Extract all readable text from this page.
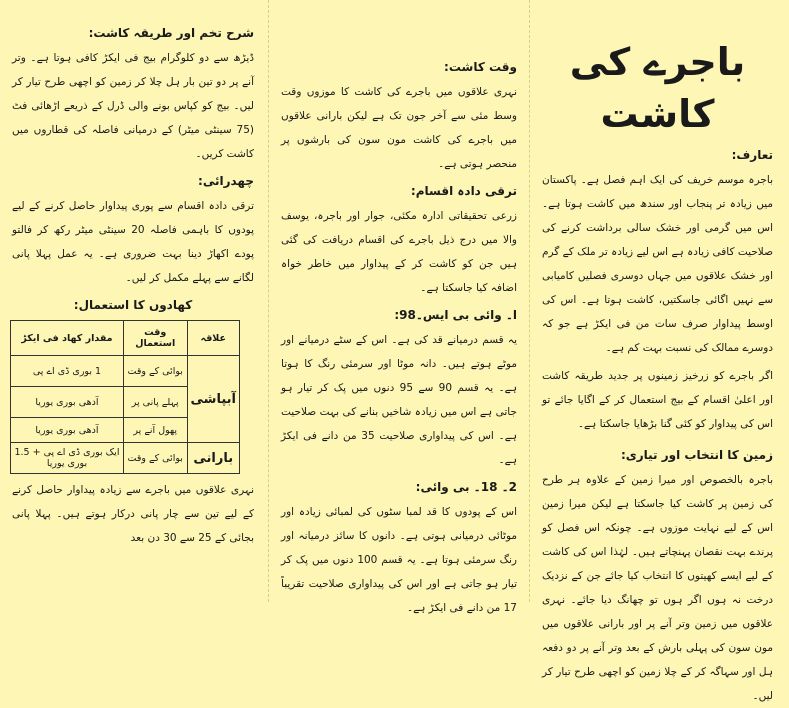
باجرے کی کاشت
تعارف:

باجرہ موسم خریف کی ایک اہم فصل ہے۔ پاکستان میں زیادہ تر پنجاب اور سندھ میں کاشت ہوتا ہے۔ اس میں گرمی اور خشک سالی برداشت کرنے کی صلاحیت کافی زیادہ ہے اس لیے زیادہ تر ملک کے گرم اور خشک علاقوں میں جہاں دوسری فصلیں کامیابی سے نہیں اگائی جاسکتیں، کاشت ہوتا ہے۔ اس کی اوسط پیداوار صرف سات من فی ایکڑ ہے جو کہ دوسرے ممالک کی نسبت بہت کم ہے۔

اگر باجرے کو زرخیز زمینوں پر جدید طریقہ کاشت اور اعلیٰ اقسام کے بیج استعمال کر کے اگایا جائے تو اس کی پیداوار کو کئی گنا بڑھایا جاسکتا ہے۔

زمین کا انتخاب اور تیاری:

باجرہ بالخصوص اور میرا زمین کے علاوہ ہر طرح کی زمین پر کاشت کیا جاسکتا ہے لیکن میرا زمین اس کے لیے نہایت موزوں ہے۔ چونکہ اس فصل کو پرندے بہت نقصان پہنچاتے ہیں۔ لہٰذا اس کی کاشت کے لیے ایسے کھیتوں کا انتخاب کیا جائے جن کے نزدیک درخت نہ ہوں اگر ہوں تو چھانگ دیا جائے۔ نہری علاقوں میں زمین وتر آنے پر اور بارانی علاقوں میں مون سون کی پہلی بارش کے بعد وتر آنے پر دو دفعہ ہل اور سہاگہ کر کے چلا زمین کو اچھی طرح تیار کر لیں۔

وقت کاشت:

نہری علاقوں میں باجرے کی کاشت کا موزوں وقت وسط مئی سے آخر جون تک ہے لیکن بارانی علاقوں میں باجرے کی کاشت مون سون کی بارشوں پر منحصر ہوتی ہے۔

ترقی دادہ اقسام:

زرعی تحقیقاتی ادارہ مکئی، جوار اور باجرہ، یوسف والا میں درج ذیل باجرے کی اقسام دریافت کی گئی ہیں جن کو کاشت کر کے پیداوار میں خاطر خواہ اضافہ کیا جاسکتا ہے۔

ا۔ وائی بی ایس۔98:

یہ قسم درمیانے قد کی ہے۔ اس کے سٹے درمیانے اور موٹے ہوتے ہیں۔ دانہ موٹا اور سرمئی رنگ کا ہوتا ہے۔ یہ قسم 90 سے 95 دنوں میں پک کر تیار ہو جاتی ہے اس میں زیادہ شاخیں بنانے کی بہت صلاحیت ہے۔ اس کی پیداواری صلاحیت 35 من دانے فی ایکڑ ہے۔

2۔ 18۔ بی وائی:

اس کے پودوں کا قد لمبا سٹوں کی لمبائی زیادہ اور موٹائی درمیانی ہوتی ہے۔ دانوں کا سائز درمیانہ اور رنگ سرمئی ہوتا ہے۔ یہ قسم 100 دنوں میں پک کر تیار ہو جاتی ہے اور اس کی پیداواری صلاحیت تقریباً 17 من دانے فی ایکڑ ہے۔

شرح تخم اور طریقہ کاشت:

ڈیڑھ سے دو کلوگرام بیج فی ایکڑ کافی ہوتا ہے۔ وتر آنے پر دو تین بار ہل چلا کر زمین کو اچھی طرح تیار کر لیں۔ بیج کو کپاس بونے والی ڈرل کے ذریعے اڑھائی فٹ (75 سینٹی میٹر) کے درمیانی فاصلہ کی قطاروں میں کاشت کریں۔

چھدرائی:

ترقی دادہ اقسام سے پوری پیداوار حاصل کرنے کے لیے پودوں کا باہمی فاصلہ 20 سینٹی میٹر رکھ کر فالتو پودے اکھاڑ دینا بہت ضروری ہے۔ یہ عمل پہلا پانی لگانے سے پہلے مکمل کر لیں۔

کھادوں کا استعمال:
علاقہ	وقت استعمال	مقدار کھاد فی ایکڑ
آبپاشی	بوائی کے وقت	1 بوری ڈی اے پی
	پہلے پانی پر	آدھی بوری یوریا
	پھول آنے پر	آدھی بوری یوریا
بارانی	بوائی کے وقت	ایک بوری ڈی اے پی + 1.5 بوری یوریا

نہری علاقوں میں باجرے سے زیادہ پیداوار حاصل کرنے کے لیے تین سے چار پانی درکار ہوتے ہیں۔ پہلا پانی بجائی کے 25 سے 30 دن بعد
